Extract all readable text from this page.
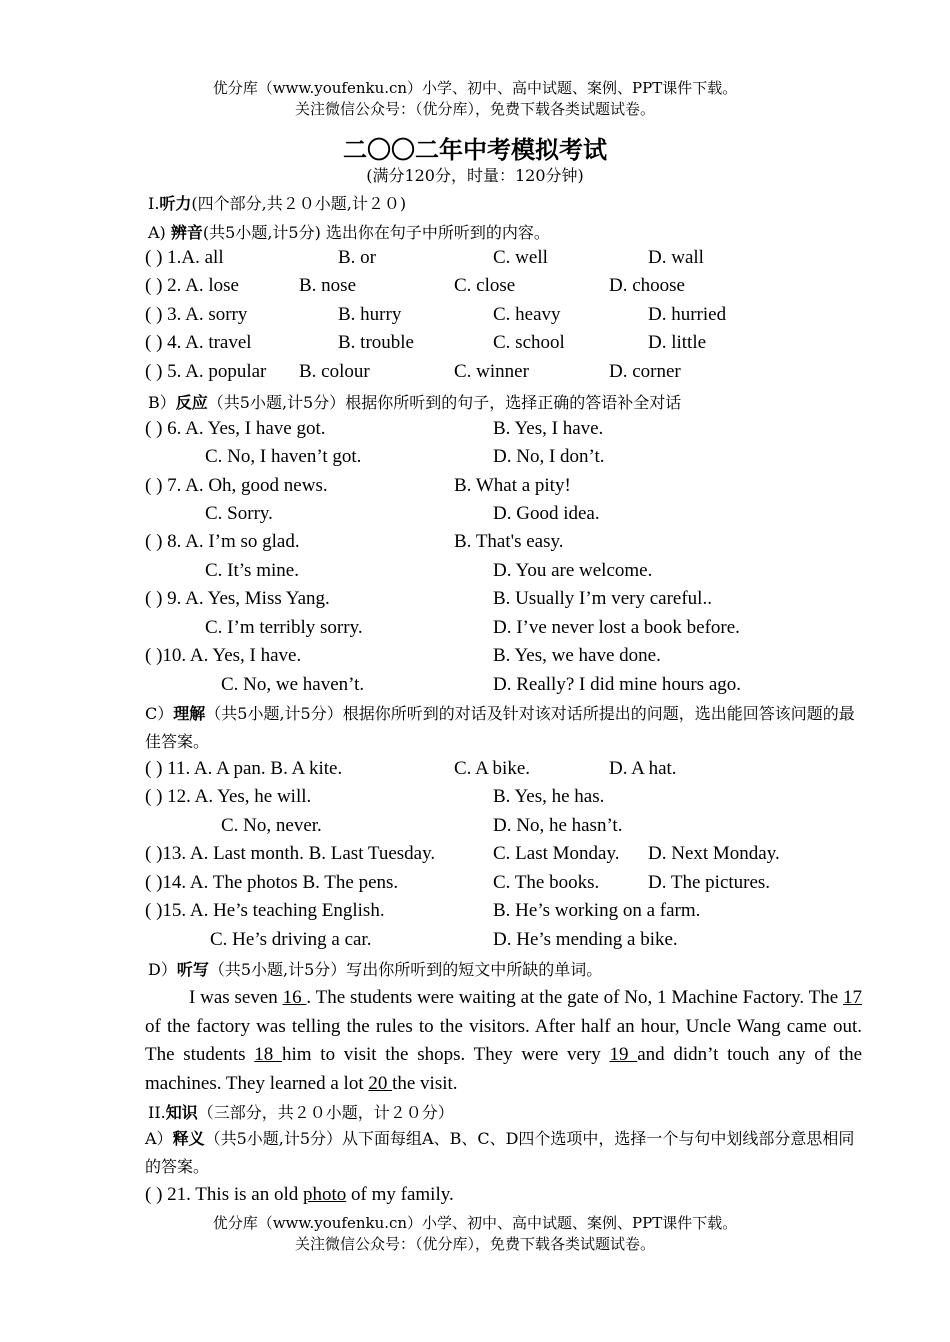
优分库（www.youfenku.cn）小学、初中、高中试题、案例、PPT课件下载。
关注微信公众号：（优分库），免费下载各类试题试卷。
二〇〇二年中考模拟考试
(满分120分，时量：120分钟)
Ⅰ.听力(四个部分,共２０小题,计２０)
A) 辨音(共5小题,计5分) 选出你在句子中所听到的内容。
( ) 1.A. all	B. or	C. well	D. wall
( ) 2. A. lose	B. nose	C. close	D. choose
( ) 3. A. sorry	B. hurry	C. heavy	D. hurried
( ) 4. A. travel	B. trouble	C. school	D. little
( ) 5. A. popular B. colour	C. winner	D. corner
B）反应（共5小题,计5分）根据你所听到的句子，选择正确的答语补全对话
( ) 6. A. Yes, I have got.	B. Yes, I have.
C. No, I haven’t got.	D. No, I don’t.
( ) 7. A. Oh, good news.	B. What a pity!
C. Sorry.	D. Good idea.
( ) 8. A. I’m so glad.	B. That's easy.
C. It’s mine.	D. You are welcome.
( ) 9. A. Yes, Miss Yang.	B. Usually I’m very careful..
C. I’m terribly sorry.	D. I’ve never lost a book before.
( )10. A. Yes, I have.	B. Yes, we have done.
C. No, we haven’t.	D. Really? I did mine hours ago.
C）理解（共5小题,计5分）根据你所听到的对话及针对该对话所提出的问题，选出能回答该问题的最佳答案。
( ) 11. A. A pan. B. A kite.	C. A bike.	D. A hat.
( ) 12. A. Yes, he will.	B. Yes, he has.
C. No, never.	D. No, he hasn’t.
( )13. A. Last month. B. Last Tuesday.	C. Last Monday. D. Next Monday.
( )14. A. The photos B. The pens.	C. The books.	D. The pictures.
( )15. A. He’s teaching English.	B. He’s working on a farm.
C. He’s driving a car.	D. He’s mending a bike.
D）听写（共5小题,计5分）写出你所听到的短文中所缺的单词。

I was seven 16 . The students were waiting at the gate of No, 1 Machine Factory. The 17 of the factory was telling the rules to the visitors. After half an hour, Uncle Wang came out. The students 18 him to visit the shops. They were very 19 and didn’t touch any of the machines. They learned a lot 20 the visit.

II.知识（三部分，共２０小题，计２０分）
A）释义（共5小题,计5分）从下面每组A、B、C、D四个选项中，选择一个与句中划线部分意思相同的答案。
( ) 21. This is an old photo of my family.
优分库（www.youfenku.cn）小学、初中、高中试题、案例、PPT课件下载。
关注微信公众号：（优分库），免费下载各类试题试卷。
